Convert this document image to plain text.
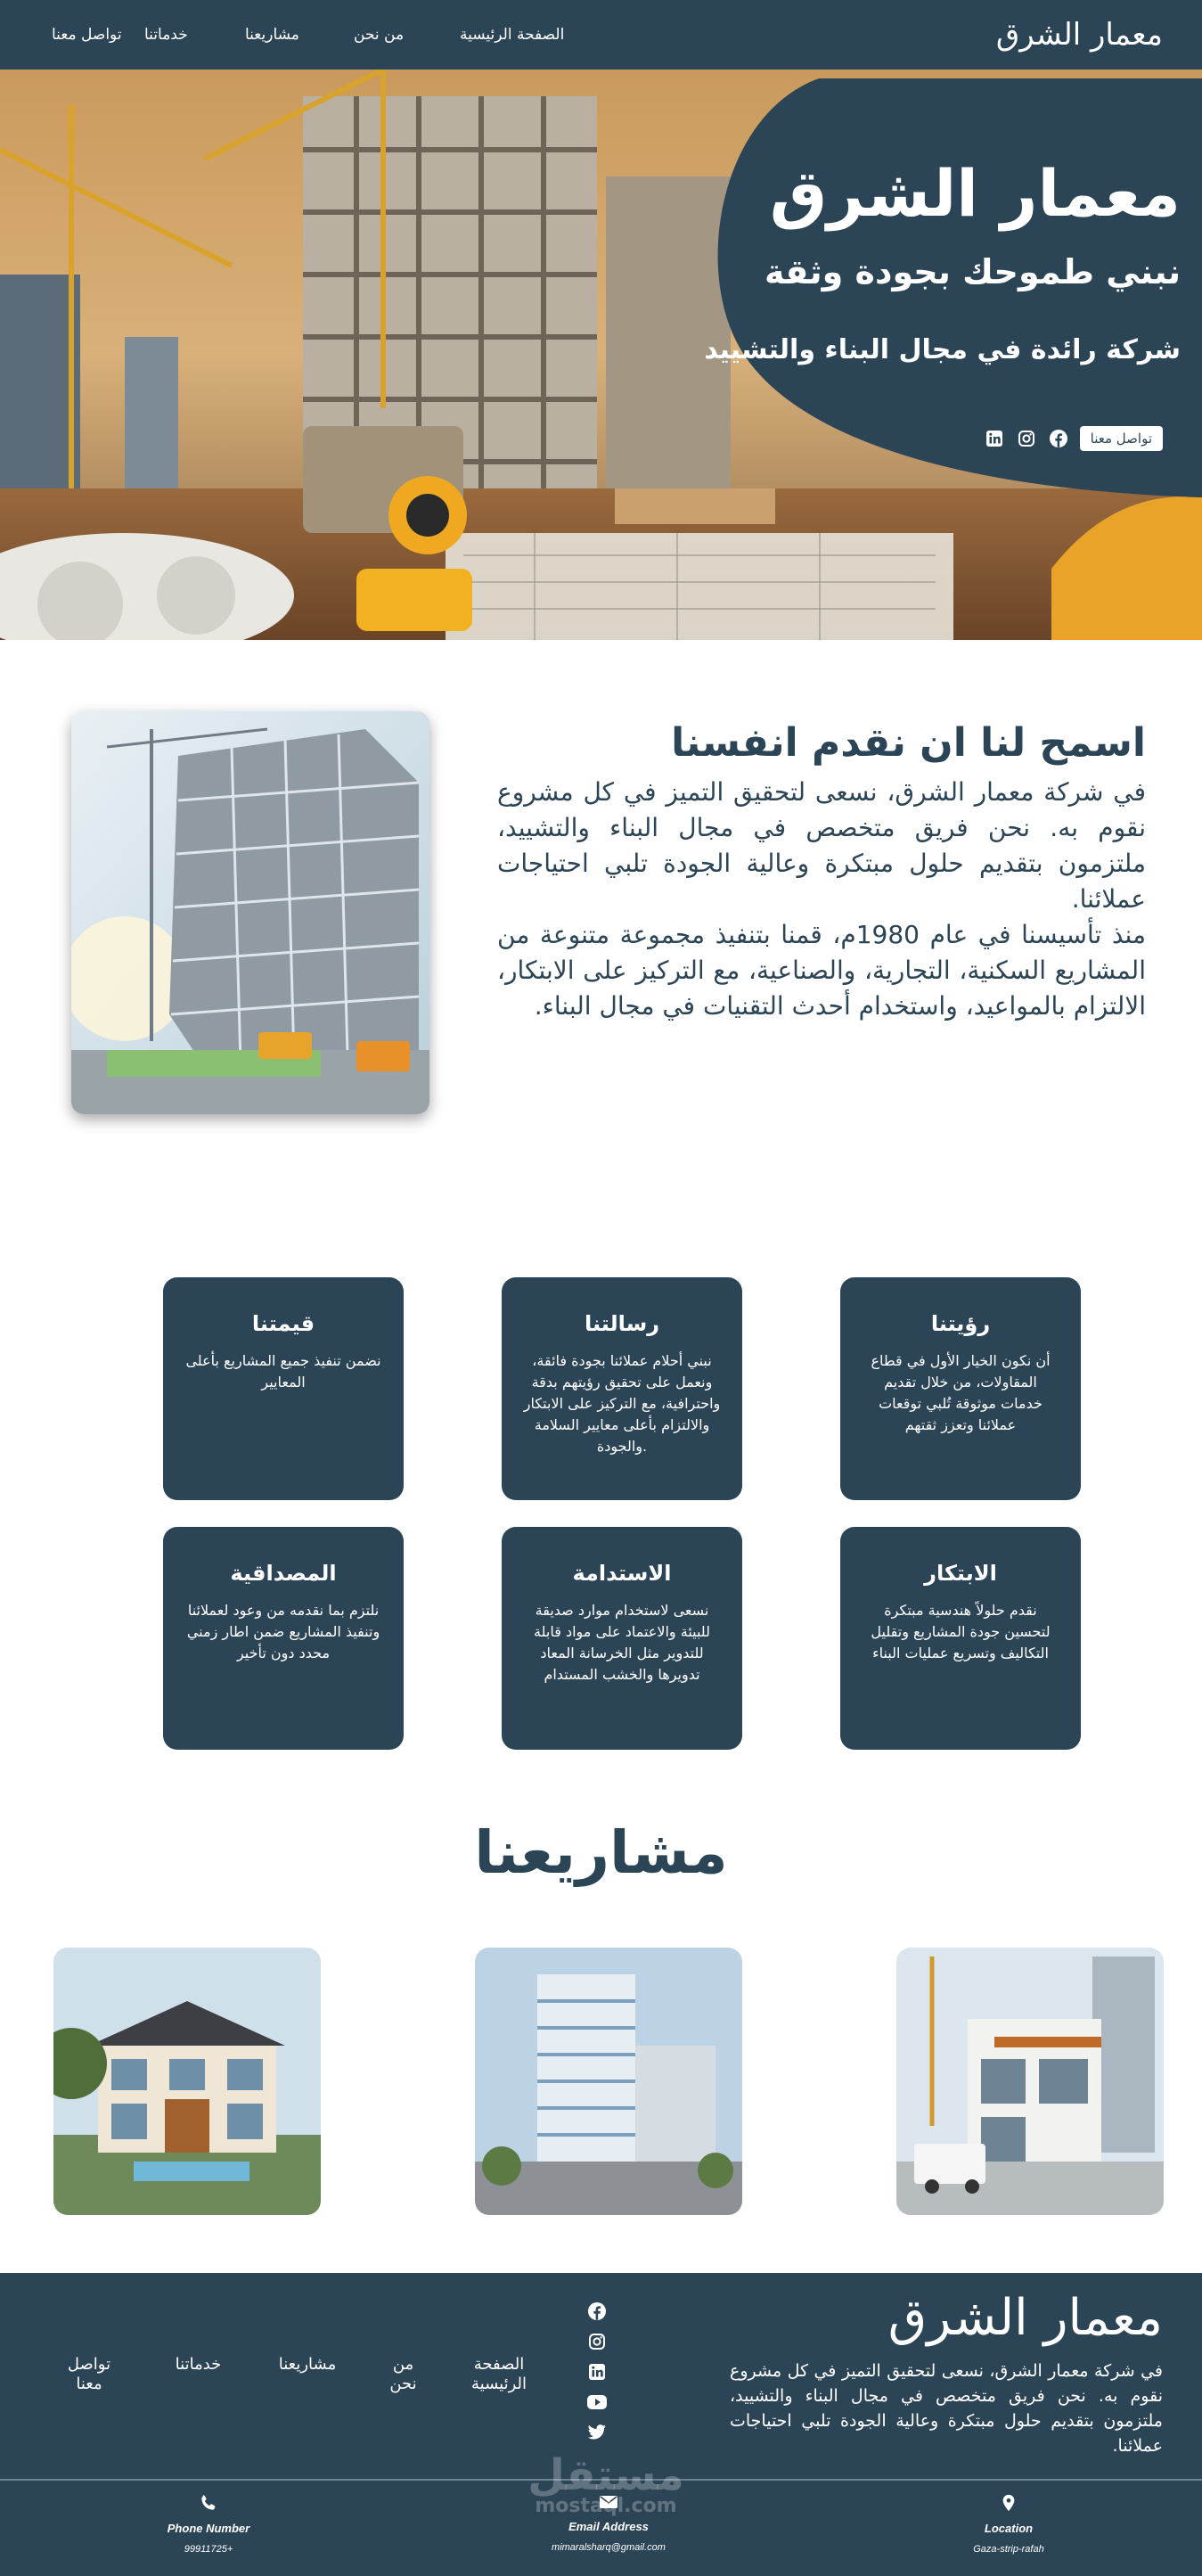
تواصل معنا	خدماتنا	مشاريعنا	من نحن	الصفحة الرئيسية	معمار الشرق
معمار الشرق
نبني طموحك بجودة وثقة
شركة رائدة في مجال البناء والتشييد
تواصل معنا
اسمح لنا ان نقدم انفسنا

في شركة معمار الشرق، نسعى لتحقيق التميز في كل مشروع نقوم به. نحن فريق متخصص في مجال البناء والتشييد، ملتزمون بتقديم حلول مبتكرة وعالية الجودة تلبي احتياجات عملائنا.

منذ تأسيسنا في عام 1980م، قمنا بتنفيذ مجموعة متنوعة من المشاريع السكنية، التجارية، والصناعية، مع التركيز على الابتكار، الالتزام بالمواعيد، واستخدام أحدث التقنيات في مجال البناء.

قيمتنا

نضمن تنفيذ جميع المشاريع بأعلى المعايير

رسالتنا

نبني أحلام عملائنا بجودة فائقة، ونعمل على تحقيق رؤيتهم بدقة واحترافية، مع التركيز على الابتكار والالتزام بأعلى معايير السلامة والجودة.

رؤيتنا

أن نكون الخيار الأول في قطاع المقاولات، من خلال تقديم خدمات موثوقة تُلبي توقعات عملائنا وتعزز ثقتهم

المصداقية

نلتزم بما نقدمه من وعود لعملائنا وتنفيذ المشاريع ضمن اطار زمني محدد دون تأخير

الاستدامة

نسعى لاستخدام موارد صديقة للبيئة والاعتماد على مواد قابلة للتدوير مثل الخرسانة المعاد تدويرها والخشب المستدام

الابتكار

نقدم حلولاً هندسية مبتكرة لتحسين جودة المشاريع وتقليل التكاليف وتسريع عمليات البناء

مشاريعنا
معمار الشرق

في شركة معمار الشرق، نسعى لتحقيق التميز في كل مشروع نقوم به. نحن فريق متخصص في مجال البناء والتشييد، ملتزمون بتقديم حلول مبتكرة وعالية الجودة تلبي احتياجات عملائنا.

تواصل معنا
خدماتنا	مشاريعنا	من نحن
الصفحة الرئيسية
Phone Number
99911725+
Email Address
mimaralsharq@gmail.com
Location
Gaza-strip-rafah
مستقل
mostaql.com
